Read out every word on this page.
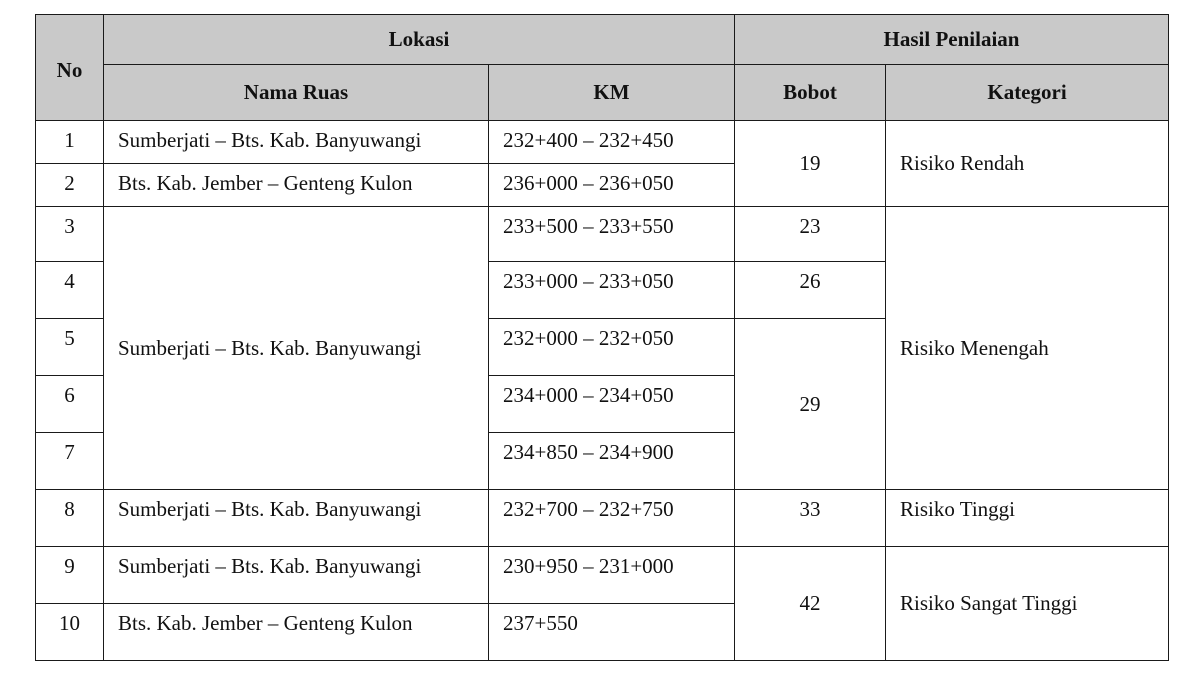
No	Lokasi		Hasil Penilaian	
	Nama Ruas	KM	Bobot	Kategori
1	Sumberjati – Bts. Kab. Banyuwangi	232+400 – 232+450	19	Risiko Rendah
2	Bts. Kab. Jember – Genteng Kulon	236+000 – 236+050		
3	Sumberjati – Bts. Kab. Banyuwangi	233+500 – 233+550	23	Risiko Menengah
4		233+000 – 233+050	26	
5		232+000 – 232+050	29	
6		234+000 – 234+050		
7		234+850 – 234+900		
8	Sumberjati – Bts. Kab. Banyuwangi	232+700 – 232+750	33	Risiko Tinggi
9	Sumberjati – Bts. Kab. Banyuwangi	230+950 – 231+000	42	Risiko Sangat Tinggi
10	Bts. Kab. Jember – Genteng Kulon	237+550		
